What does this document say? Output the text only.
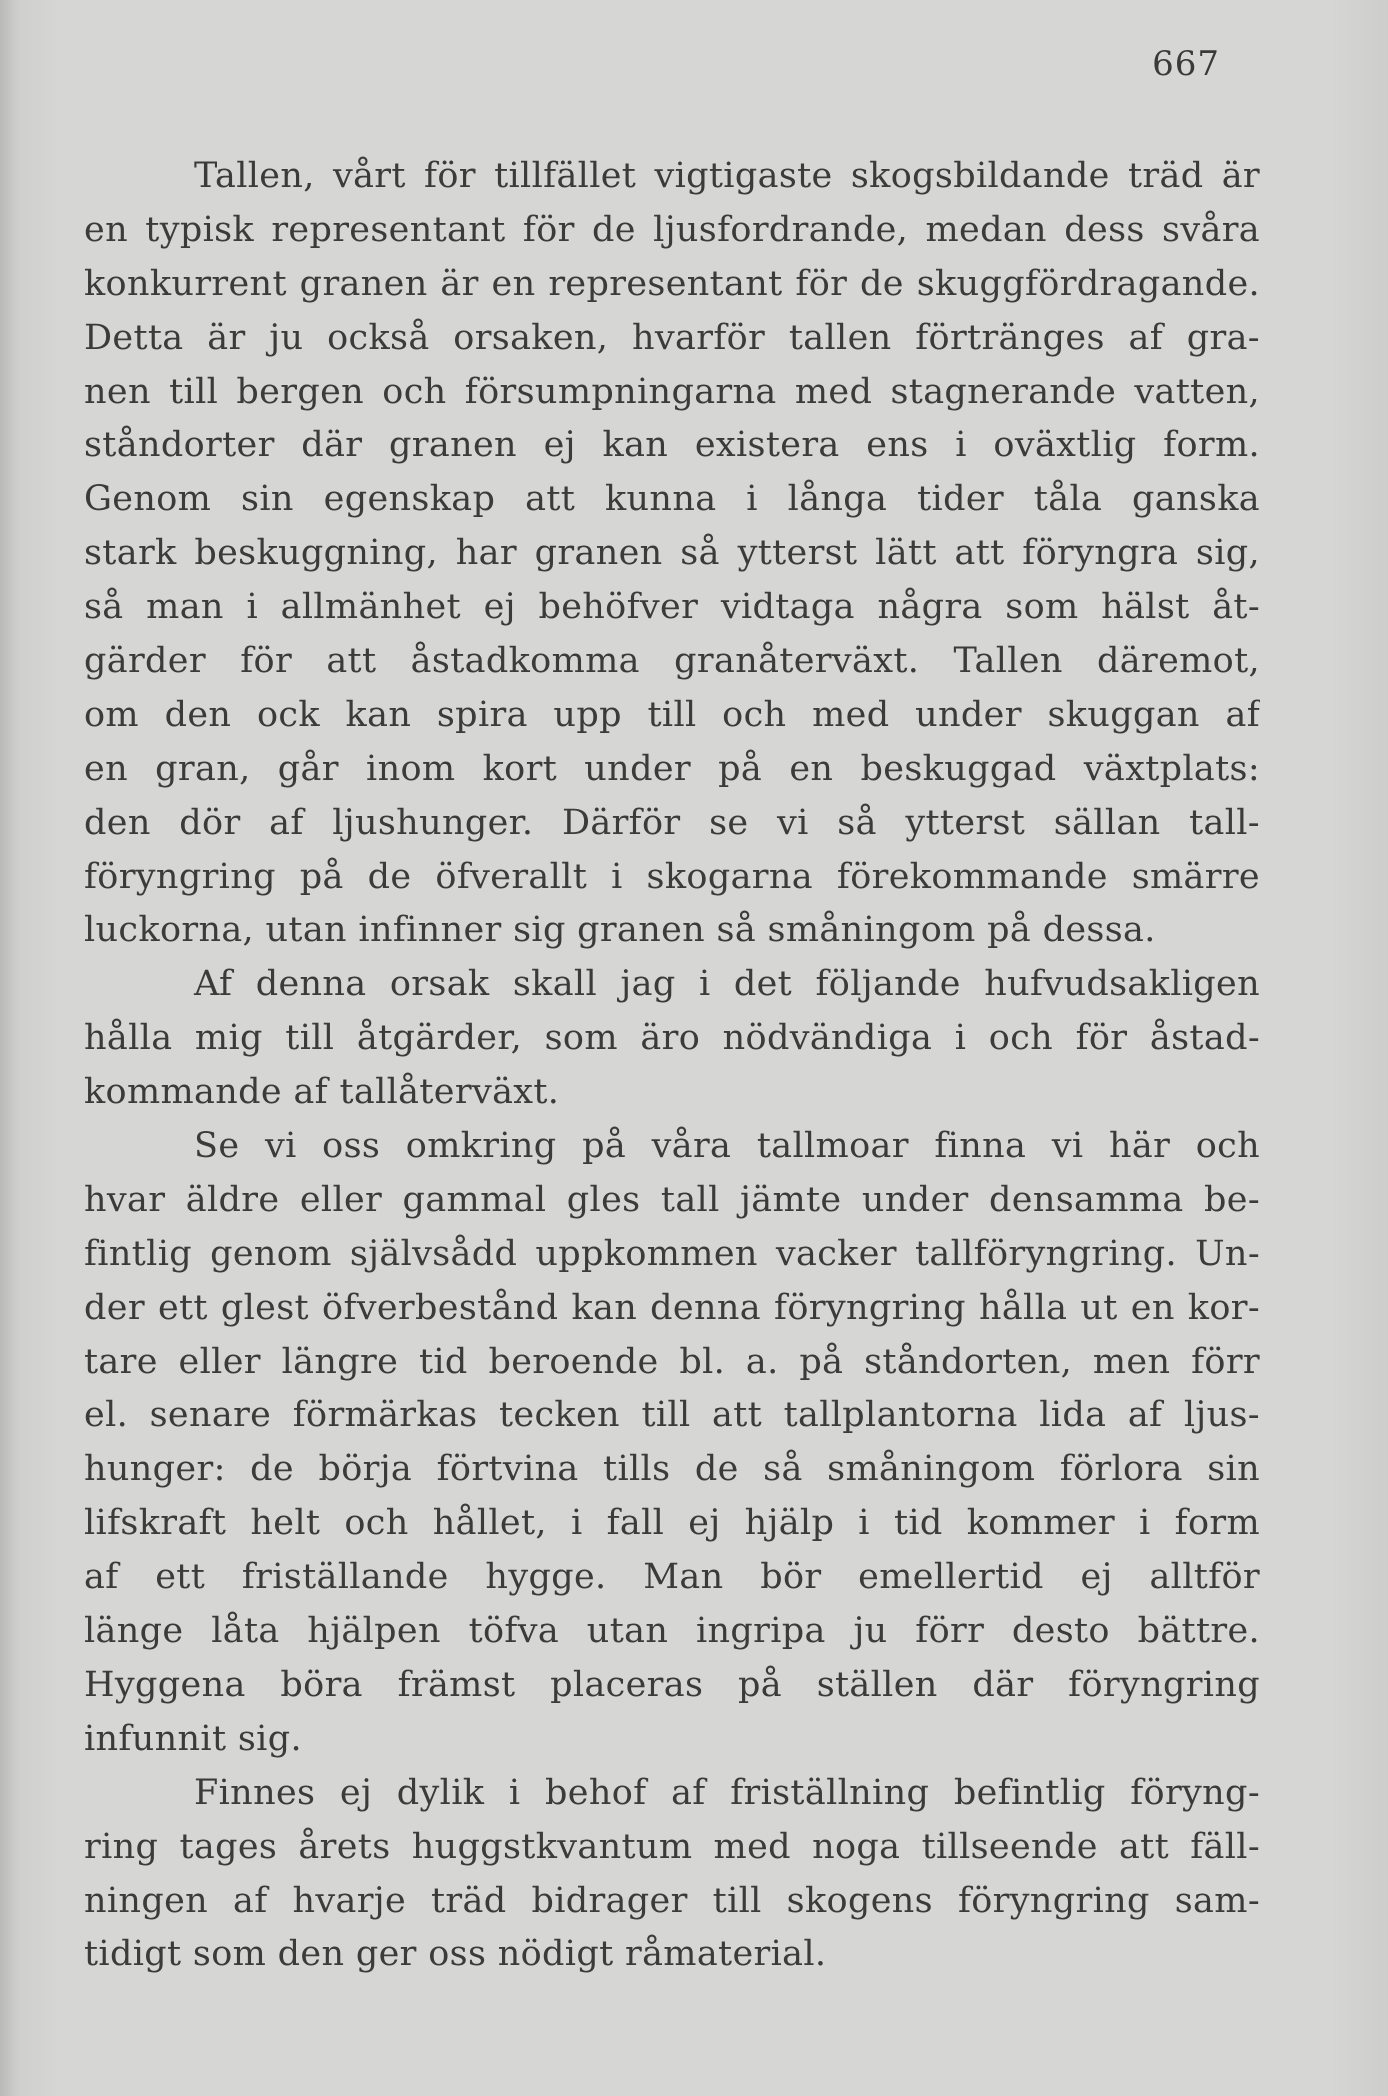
667
Tallen, vårt för tillfället vigtigaste skogsbildande träd är
en typisk representant för de ljusfordrande, medan dess svåra
konkurrent granen är en representant för de skuggfördragande.
Detta är ju också orsaken, hvarför tallen förtränges af gra-
nen till bergen och försumpningarna med stagnerande vatten,
ståndorter där granen ej kan existera ens i oväxtlig form.
Genom sin egenskap att kunna i långa tider tåla ganska
stark beskuggning, har granen så ytterst lätt att föryngra sig,
så man i allmänhet ej behöfver vidtaga några som hälst åt-
gärder för att åstadkomma granåterväxt. Tallen däremot,
om den ock kan spira upp till och med under skuggan af
en gran, går inom kort under på en beskuggad växtplats:
den dör af ljushunger. Därför se vi så ytterst sällan tall-
föryngring på de öfverallt i skogarna förekommande smärre
luckorna, utan infinner sig granen så småningom på dessa.
Af denna orsak skall jag i det följande hufvudsakligen
hålla mig till åtgärder, som äro nödvändiga i och för åstad-
kommande af tallåterväxt.
Se vi oss omkring på våra tallmoar finna vi här och
hvar äldre eller gammal gles tall jämte under densamma be-
fintlig genom självsådd uppkommen vacker tallföryngring. Un-
der ett glest öfverbestånd kan denna föryngring hålla ut en kor-
tare eller längre tid beroende bl. a. på ståndorten, men förr
el. senare förmärkas tecken till att tallplantorna lida af ljus-
hunger: de börja förtvina tills de så småningom förlora sin
lifskraft helt och hållet, i fall ej hjälp i tid kommer i form
af ett friställande hygge. Man bör emellertid ej alltför
länge låta hjälpen töfva utan ingripa ju förr desto bättre.
Hyggena böra främst placeras på ställen där föryngring
infunnit sig.
Finnes ej dylik i behof af friställning befintlig föryng-
ring tages årets huggstkvantum med noga tillseende att fäll-
ningen af hvarje träd bidrager till skogens föryngring sam-
tidigt som den ger oss nödigt råmaterial.
